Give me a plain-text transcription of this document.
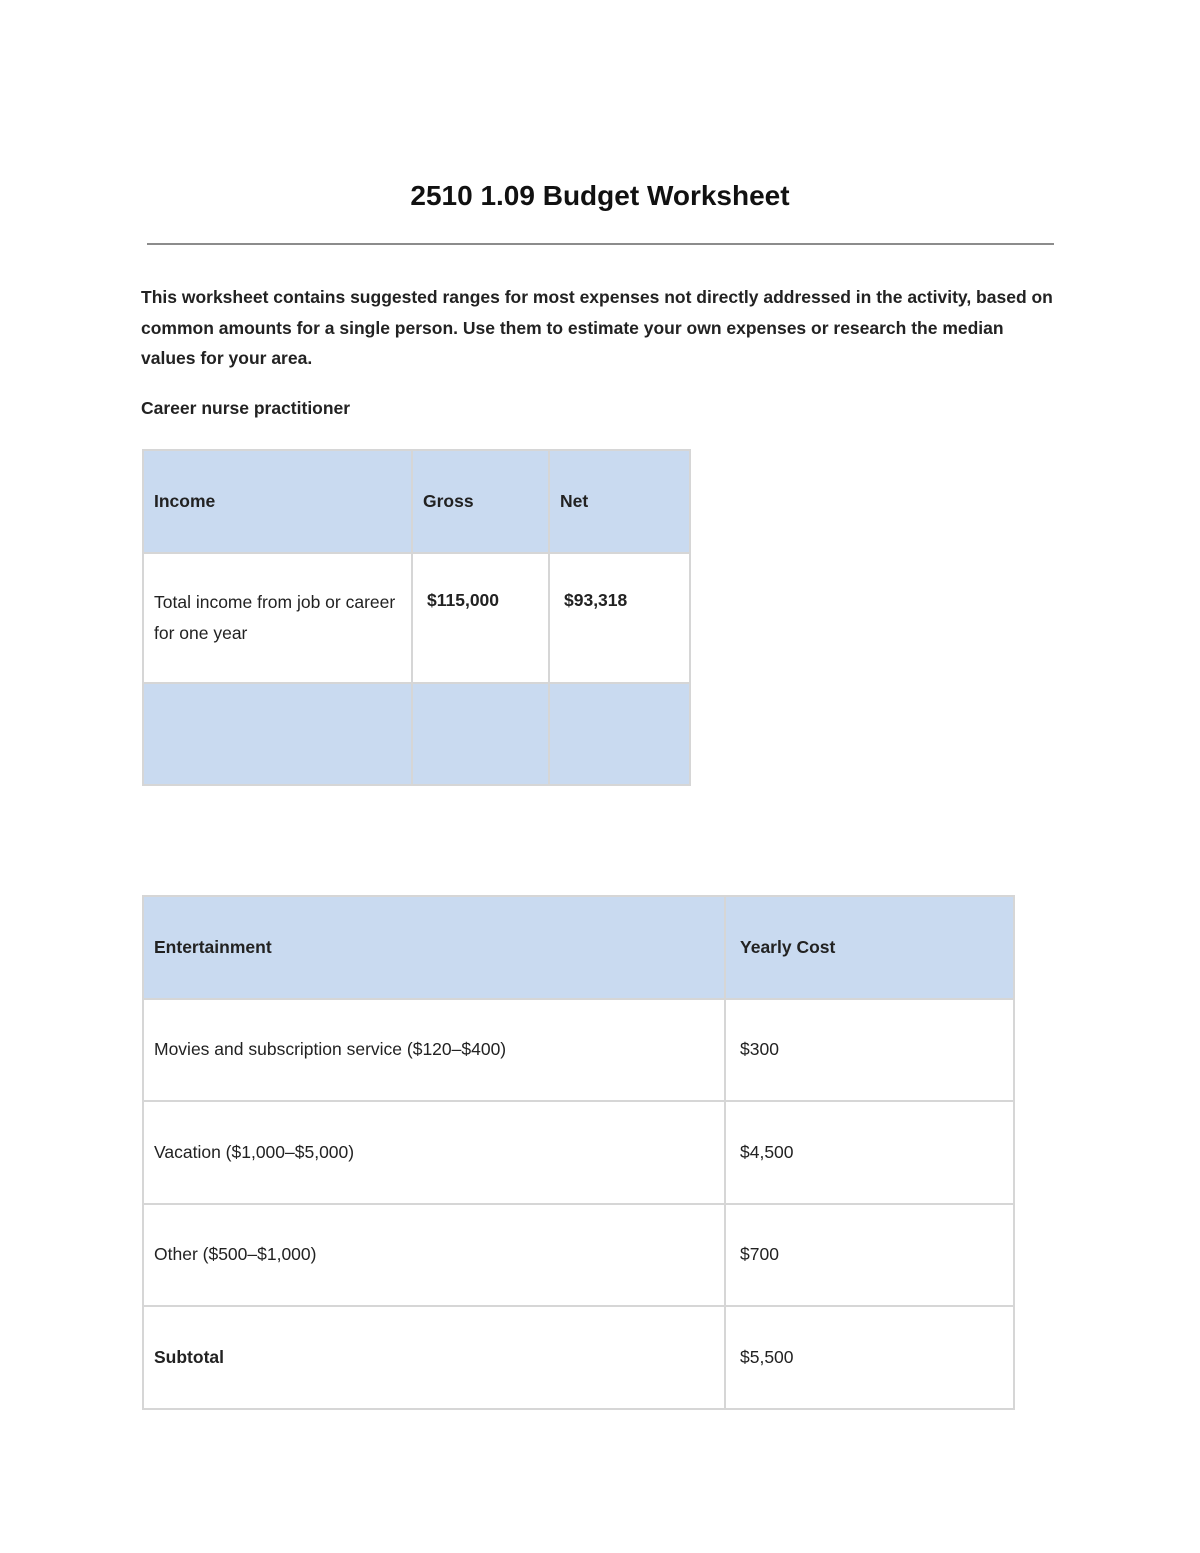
2510 1.09 Budget Worksheet

This worksheet contains suggested ranges for most expenses not directly addressed in the activity, based on common amounts for a single person. Use them to estimate your own expenses or research the median values for your area.

Career nurse practitioner

Income	Gross	Net
Total income from job or career for one year	$115,000	$93,318

Entertainment	Yearly Cost
Movies and subscription service ($120–$400)	$300
Vacation ($1,000–$5,000)	$4,500
Other ($500–$1,000)	$700
Subtotal	$5,500
